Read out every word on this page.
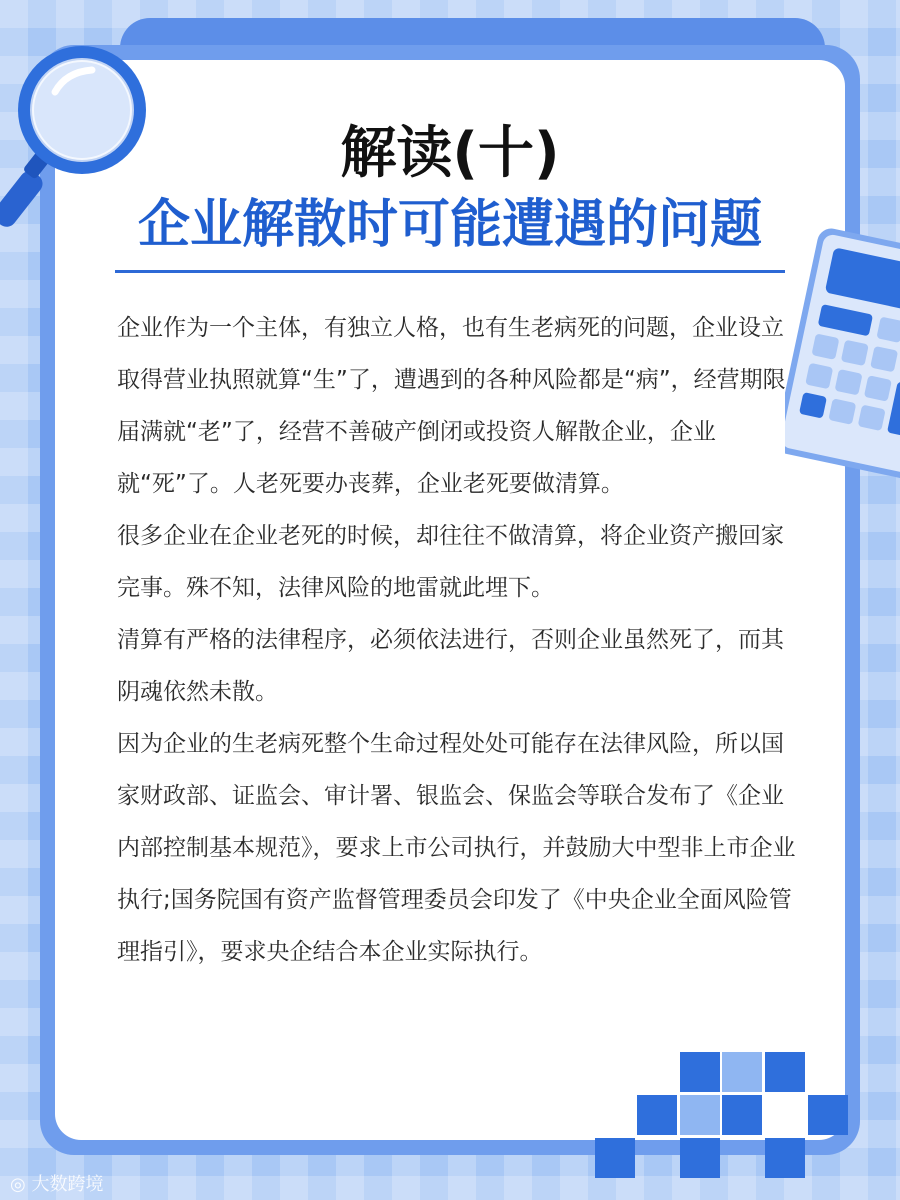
解读(十)
企业解散时可能遭遇的问题

企业作为一个主体，有独立人格，也有生老病死的问题，企业设立取得营业执照就算“生”了，遭遇到的各种风险都是“病”，经营期限届满就“老”了，经营不善破产倒闭或投资人解散企业，企业就“死”了。人老死要办丧葬，企业老死要做清算。

很多企业在企业老死的时候，却往往不做清算，将企业资产搬回家完事。殊不知，法律风险的地雷就此埋下。

清算有严格的法律程序，必须依法进行，否则企业虽然死了，而其阴魂依然未散。

因为企业的生老病死整个生命过程处处可能存在法律风险，所以国家财政部、证监会、审计署、银监会、保监会等联合发布了《企业内部控制基本规范》，要求上市公司执行，并鼓励大中型非上市企业执行;国务院国有资产监督管理委员会印发了《中央企业全面风险管理指引》，要求央企结合本企业实际执行。

◎ 大数跨境
